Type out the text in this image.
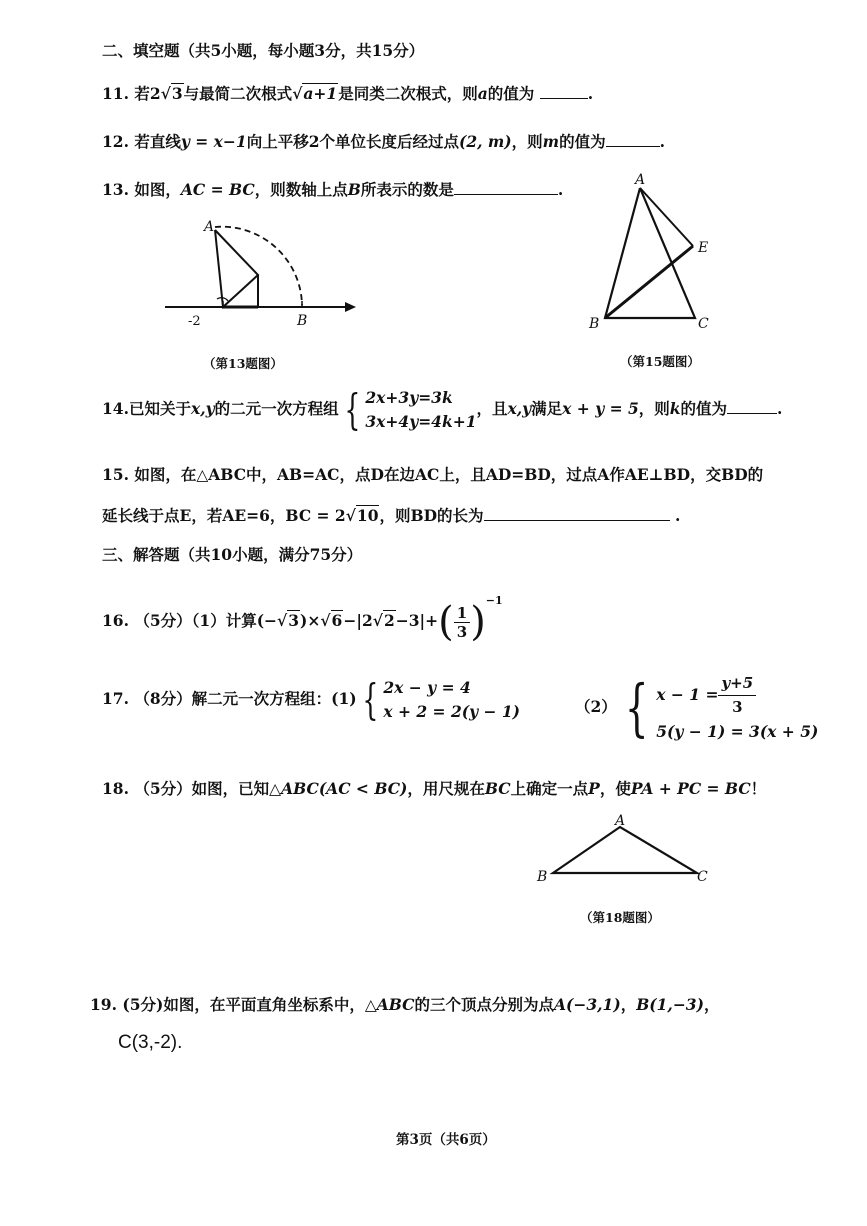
二、填空题（共5小题，每小题3分，共15分）
11. 若2√3与最简二次根式√a+1是同类二次根式，则a的值为	.
12. 若直线y = x−1向上平移2个单位长度后经过点(2, m)，则m的值为	.
13. 如图，AC = BC，则数轴上点B所表示的数是	.
A
-2	B
（第13题图）
A
B	C
E
（第15题图）
14.已知关于x,y的二元一次方程组 { 2x+3y=3k
3x+4y=4k+1
，且x,y满足x + y = 5，则k的值为	.
15. 如图，在△ABC中，AB=AC，点D在边AC上，且AD=BD，过点A作AE⊥BD，交BD的
延长线于点E，若AE=6，BC = 2√10，则BD的长为	.
三、解答题（共10小题，满分75分）
16. （5分）（1）计算$(-√3)\times√6-|2√2-3|+( \frac{1}{3} )^{-1}$
17. （8分）解二元一次方程组：(1) { 2x − y = 4
x + 2 = 2(y − 1)	（2） { $x - 1 = \frac{y+5}{3}$
5(y − 1) = 3(x + 5)
18. （5分）如图，已知△ABC(AC < BC)，用尺规在BC上确定一点P，使PA + PC = BC！
A
B	C
（第18题图）
19. (5分)如图，在平面直角坐标系中，△ABC的三个顶点分别为点A(−3,1)，B(1,−3)，
C(3,-2).
第3页（共6页）
